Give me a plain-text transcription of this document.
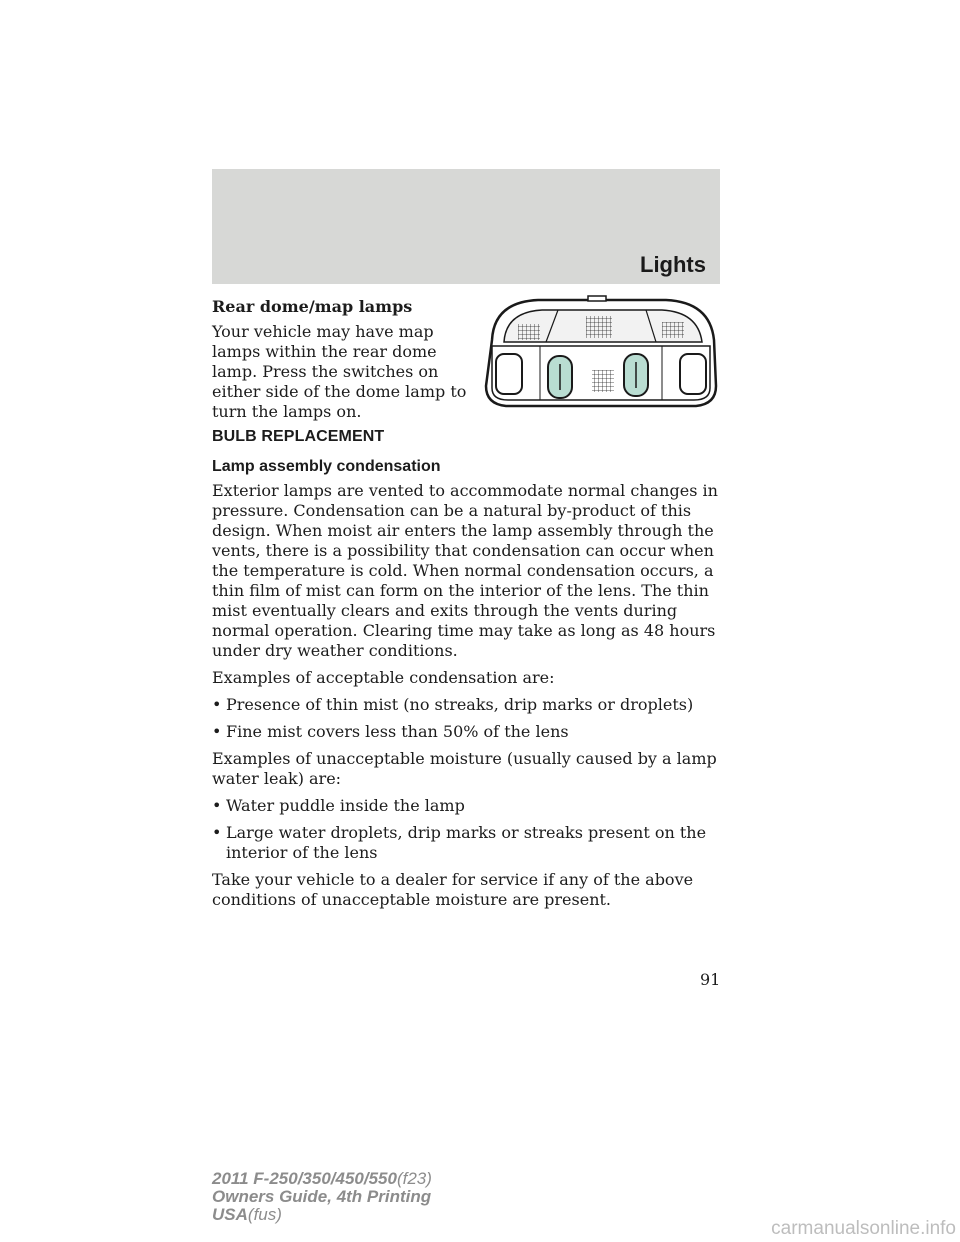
Lights
Rear dome/map lamps

Your vehicle may have map lamps within the rear dome lamp. Press the switches on either side of the dome lamp to turn the lamps on.

BULB REPLACEMENT
Lamp assembly condensation

Exterior lamps are vented to accommodate normal changes in pressure. Condensation can be a natural by-product of this design. When moist air enters the lamp assembly through the vents, there is a possibility that condensation can occur when the temperature is cold. When normal condensation occurs, a thin film of mist can form on the interior of the lens. The thin mist eventually clears and exits through the vents during normal operation. Clearing time may take as long as 48 hours under dry weather conditions.

Examples of acceptable condensation are:

• Presence of thin mist (no streaks, drip marks or droplets)
• Fine mist covers less than 50% of the lens

Examples of unacceptable moisture (usually caused by a lamp water leak) are:

• Water puddle inside the lamp
• Large water droplets, drip marks or streaks present on the interior of the lens

Take your vehicle to a dealer for service if any of the above conditions of unacceptable moisture are present.

91
2011 F-250/350/450/550(f23)
Owners Guide, 4th Printing
USA(fus)
carmanualsonline.info
